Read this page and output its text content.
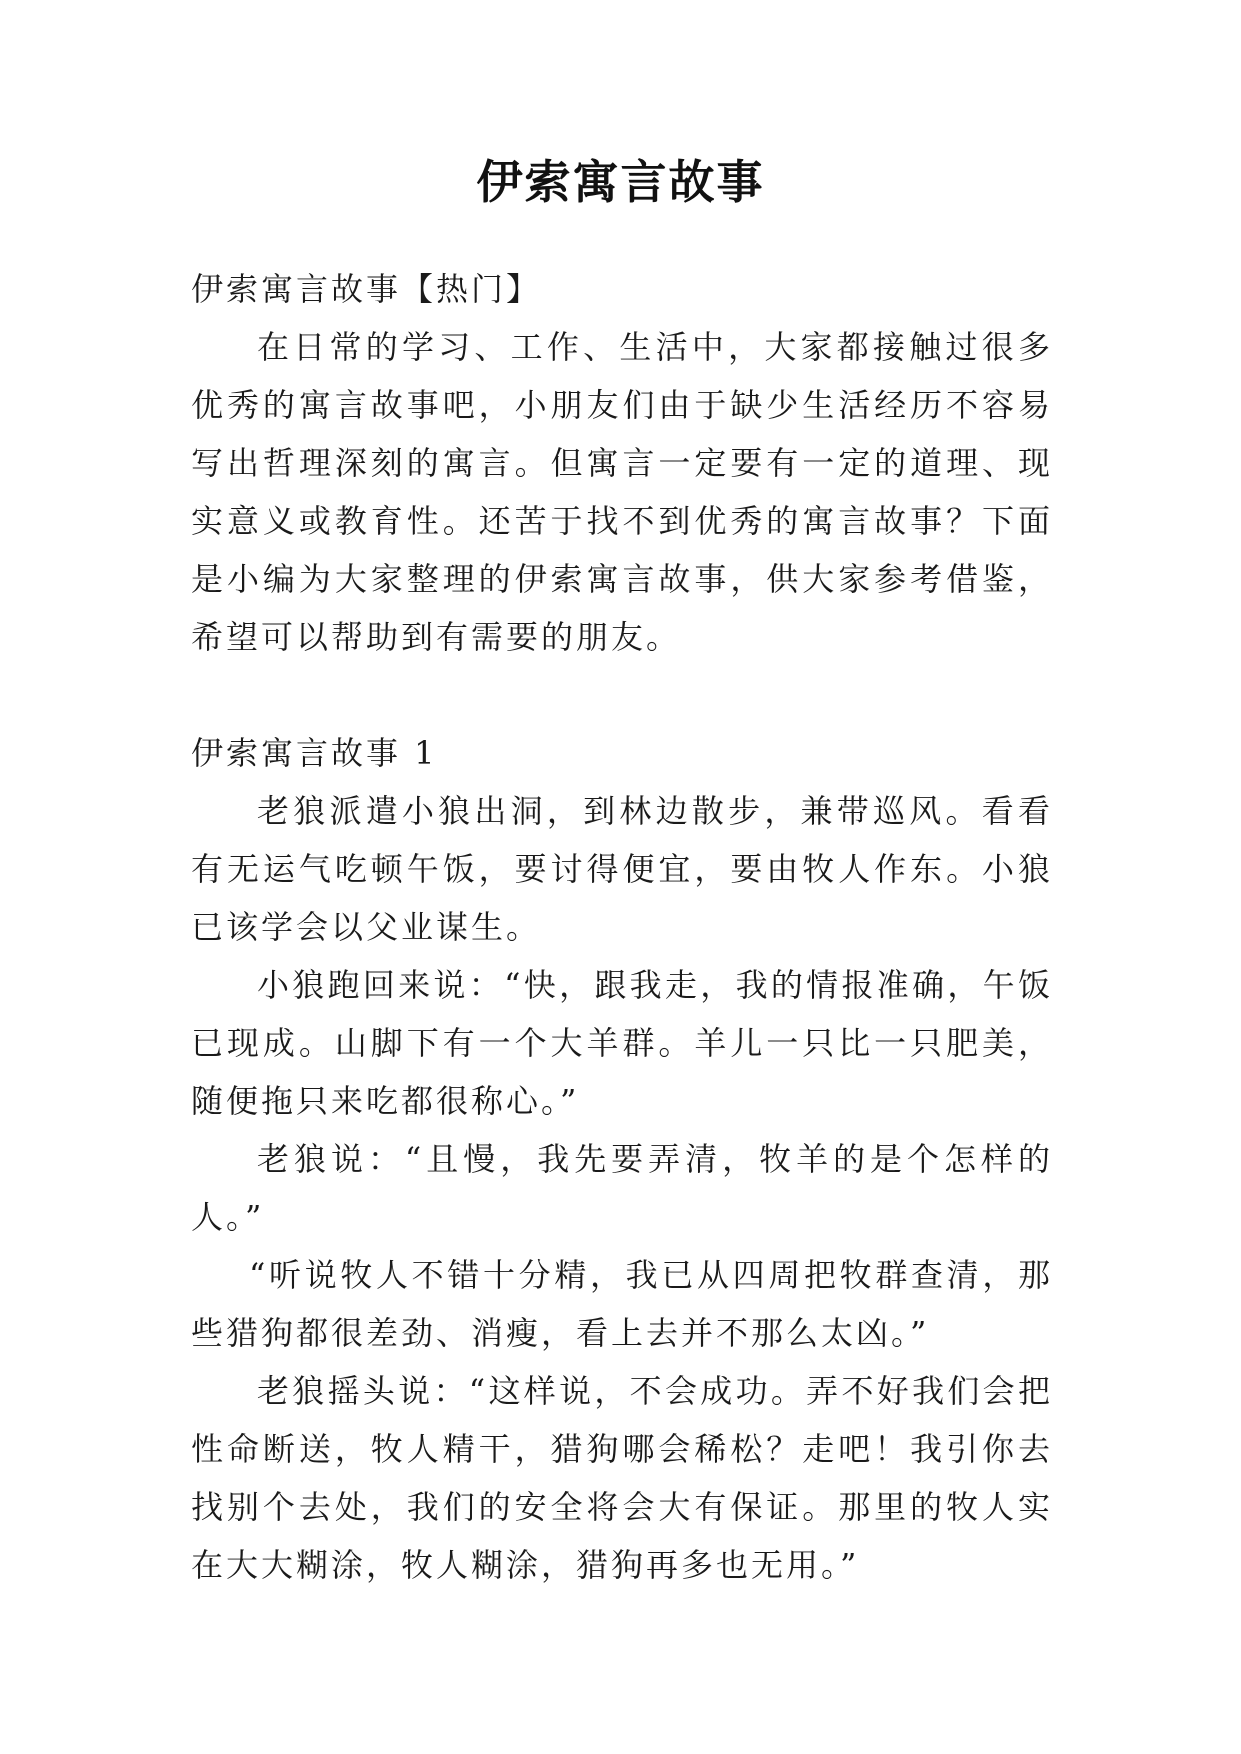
伊索寓言故事

伊索寓言故事【热门】

在日常的学习、工作、生活中，大家都接触过很多优秀的寓言故事吧，小朋友们由于缺少生活经历不容易写出哲理深刻的寓言。但寓言一定要有一定的道理、现实意义或教育性。还苦于找不到优秀的寓言故事？下面是小编为大家整理的伊索寓言故事，供大家参考借鉴，希望可以帮助到有需要的朋友。

伊索寓言故事 1

老狼派遣小狼出洞，到林边散步，兼带巡风。看看有无运气吃顿午饭，要讨得便宜，要由牧人作东。小狼已该学会以父业谋生。

小狼跑回来说：“快，跟我走，我的情报准确，午饭已现成。山脚下有一个大羊群。羊儿一只比一只肥美，随便拖只来吃都很称心。”

老狼说：“且慢，我先要弄清，牧羊的是个怎样的人。”

“听说牧人不错十分精，我已从四周把牧群查清，那些猎狗都很差劲、消瘦，看上去并不那么太凶。”

老狼摇头说：“这样说，不会成功。弄不好我们会把性命断送，牧人精干，猎狗哪会稀松？走吧！我引你去找别个去处，我们的安全将会大有保证。那里的牧人实在大大糊涂，牧人糊涂，猎狗再多也无用。”
